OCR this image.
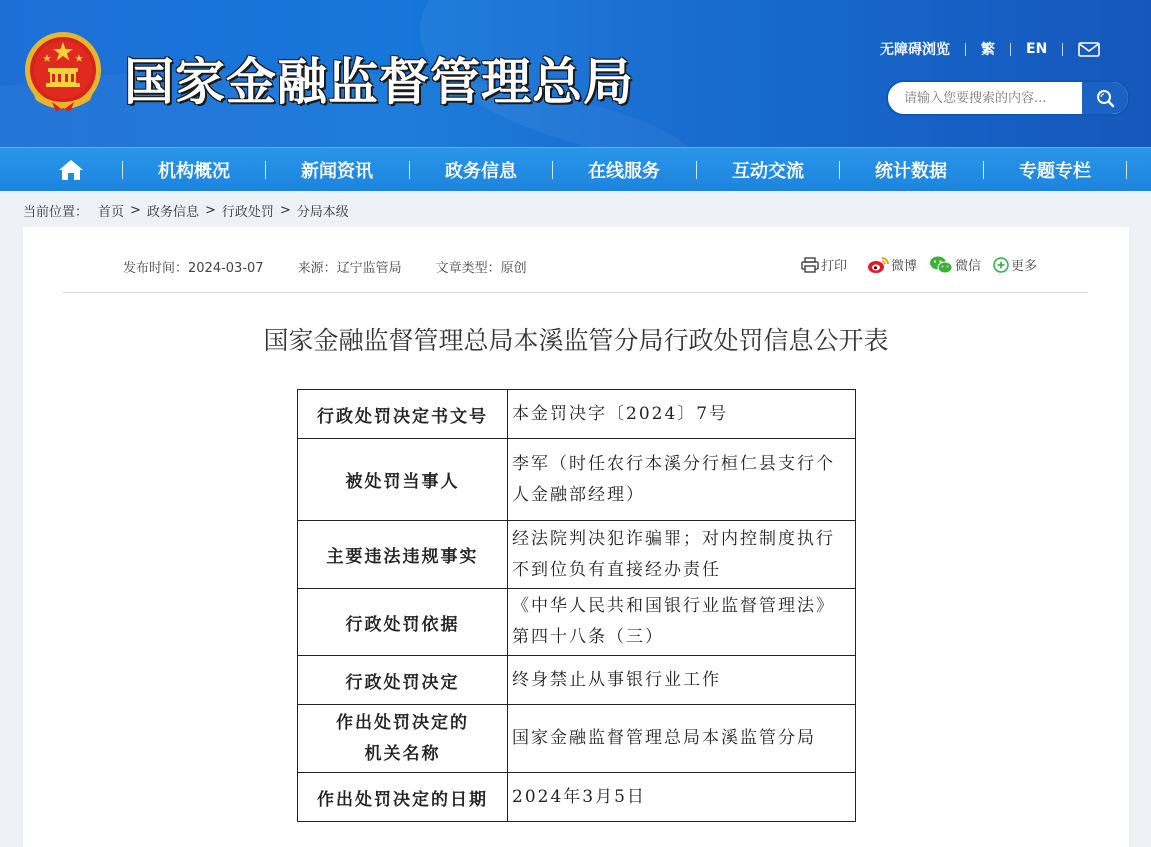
国家金融监督管理总局
无障碍浏览 繁 EN
请输入您要搜索的内容...
机构概况	新闻资讯	政务信息	在线服务	互动交流	统计数据	专题专栏
当前位置： 首页 > 政务信息 > 行政处罚 > 分局本级
发布时间：2024-03-07	来源：辽宁监管局	文章类型：原创	打印	微博	微信 更多
国家金融监督管理总局本溪监管分局行政处罚信息公开表
行政处罚决定书文号	本金罚决字〔2024〕7号
被处罚当事人	李军（时任农行本溪分行桓仁县支行个人金融部经理）
主要违法违规事实	经法院判决犯诈骗罪；对内控制度执行不到位负有直接经办责任
行政处罚依据	《中华人民共和国银行业监督管理法》第四十八条（三）
行政处罚决定	终身禁止从事银行业工作

作出处罚决定的
机关名称	国家金融监督管理总局本溪监管分局
作出处罚决定的日期	2024年3月5日
